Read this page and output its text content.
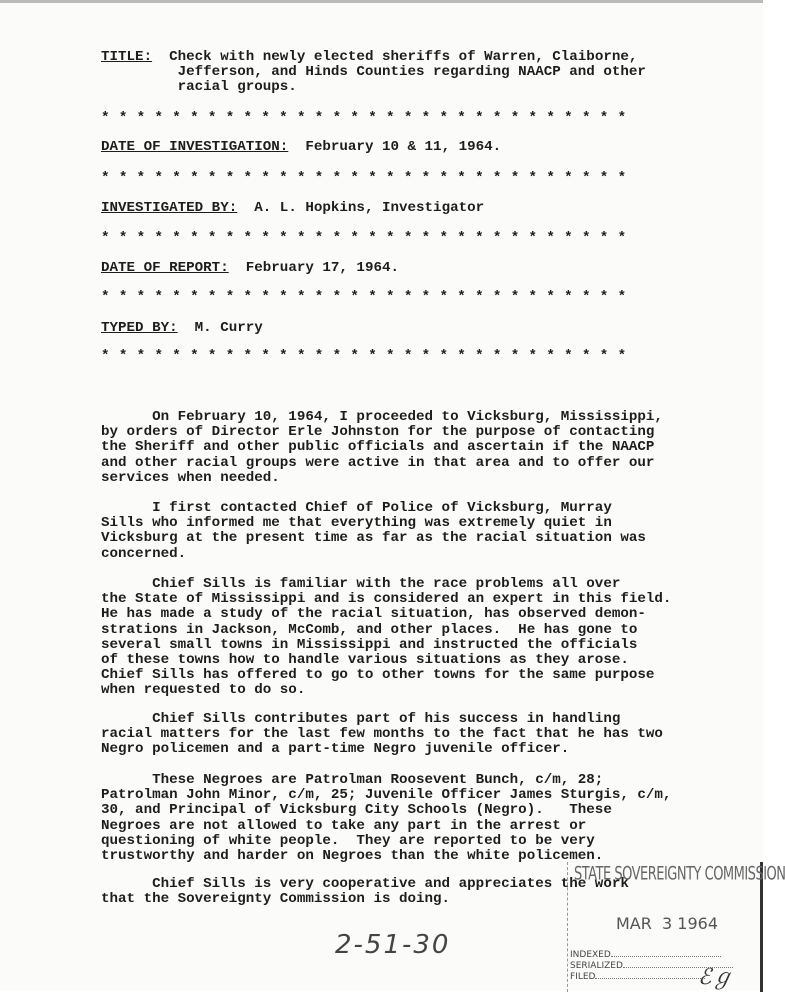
TITLE: Check with newly elected sheriffs of Warren, Claiborne,
Jefferson, and Hinds Counties regarding NAACP and other
racial groups.
******************************
DATE OF INVESTIGATION: February 10 & 11, 1964.
******************************
INVESTIGATED BY: A. L. Hopkins, Investigator
******************************
DATE OF REPORT: February 17, 1964.
******************************
TYPED BY: M. Curry
******************************
On February 10, 1964, I proceeded to Vicksburg, Mississippi,
by orders of Director Erle Johnston for the purpose of contacting
the Sheriff and other public officials and ascertain if the NAACP
and other racial groups were active in that area and to offer our
services when needed.
I first contacted Chief of Police of Vicksburg, Murray
Sills who informed me that everything was extremely quiet in
Vicksburg at the present time as far as the racial situation was
concerned.
Chief Sills is familiar with the race problems all over
the State of Mississippi and is considered an expert in this field.
He has made a study of the racial situation, has observed demon-
strations in Jackson, McComb, and other places.  He has gone to
several small towns in Mississippi and instructed the officials
of these towns how to handle various situations as they arose.
Chief Sills has offered to go to other towns for the same purpose
when requested to do so.
Chief Sills contributes part of his success in handling
racial matters for the last few months to the fact that he has two
Negro policemen and a part-time Negro juvenile officer.
These Negroes are Patrolman Roosevent Bunch, c/m, 28;
Patrolman John Minor, c/m, 25; Juvenile Officer James Sturgis, c/m,
30, and Principal of Vicksburg City Schools (Negro).   These
Negroes are not allowed to take any part in the arrest or
questioning of white people.  They are reported to be very
trustworthy and harder on Negroes than the white policemen.
Chief Sills is very cooperative and appreciates the work
that the Sovereignty Commission is doing.
2-51-30
STATE SOVEREIGNTY COMMISSION
MAR  3 1964
INDEXED
SERIALIZED
FILED	ℰℊ
